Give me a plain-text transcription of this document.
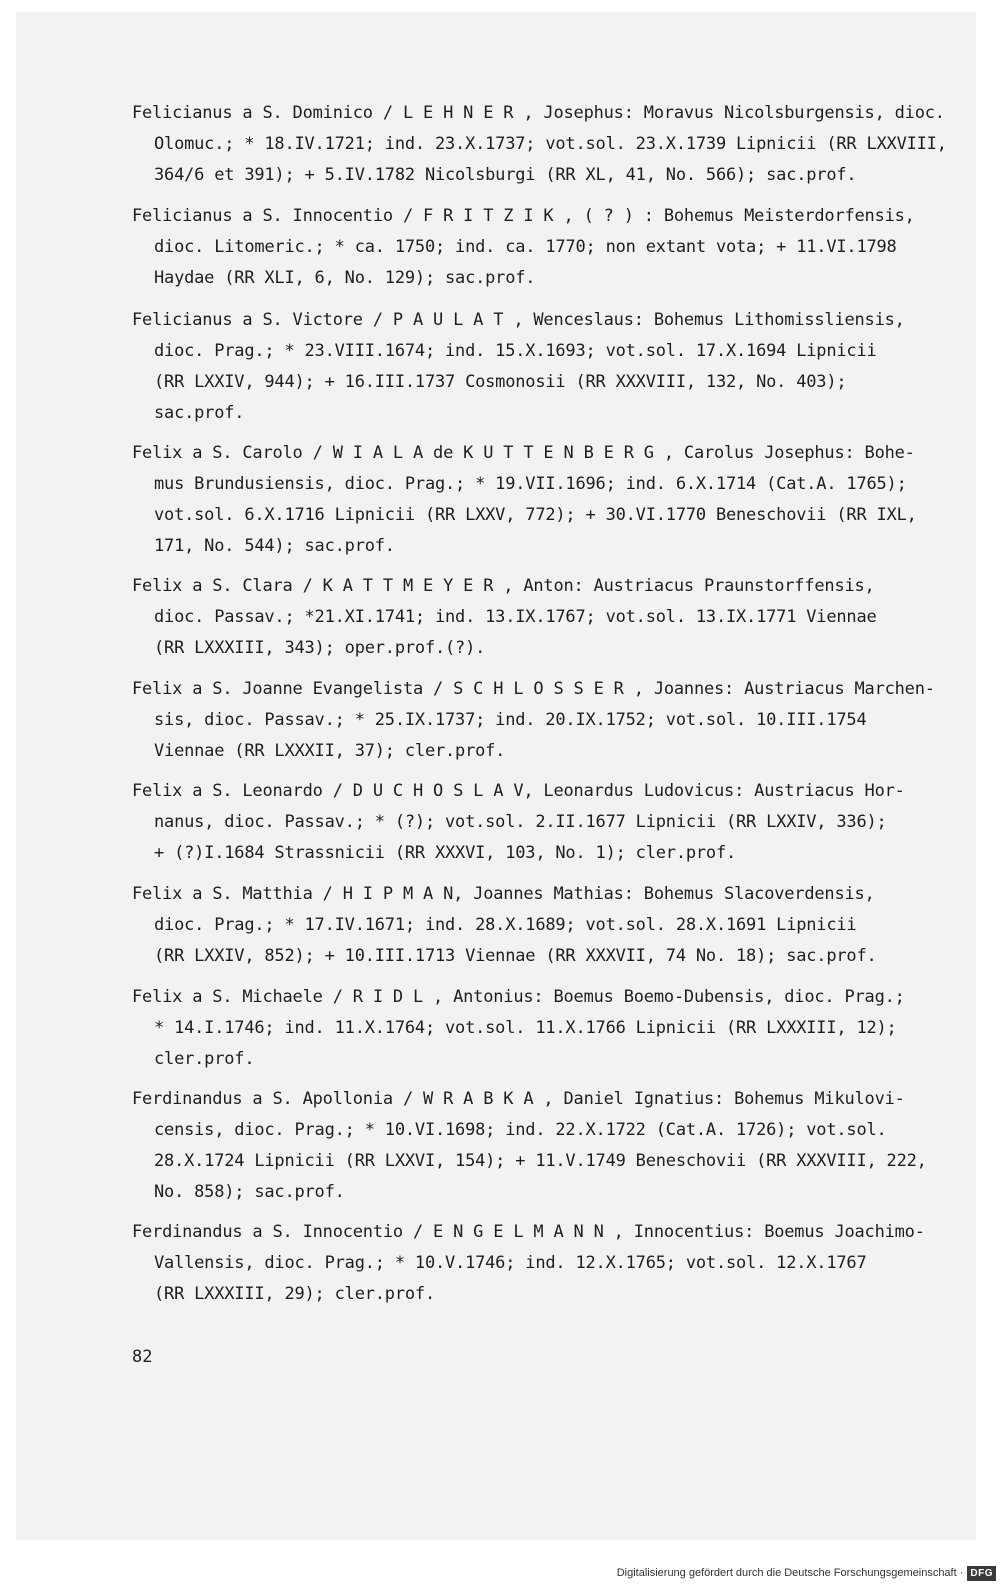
Felicianus a S. Dominico / L E H N E R , Josephus: Moravus Nicolsburgensis, dioc.
Olomuc.; * 18.IV.1721; ind. 23.X.1737; vot.sol. 23.X.1739 Lipnicii (RR LXXVIII,
364/6 et 391); + 5.IV.1782 Nicolsburgi (RR XL, 41, No. 566); sac.prof.
Felicianus a S. Innocentio / F R I T Z I K , ( ? ) : Bohemus Meisterdorfensis,
dioc. Litomeric.; * ca. 1750; ind. ca. 1770; non extant vota; + 11.VI.1798
Haydae (RR XLI, 6, No. 129); sac.prof.
Felicianus a S. Victore / P A U L A T , Wenceslaus: Bohemus Lithomissliensis,
dioc. Prag.; * 23.VIII.1674; ind. 15.X.1693; vot.sol. 17.X.1694 Lipnicii
(RR LXXIV, 944); + 16.III.1737 Cosmonosii (RR XXXVIII, 132, No. 403);
sac.prof.
Felix a S. Carolo / W I A L A de K U T T E N B E R G , Carolus Josephus: Bohe-
mus Brundusiensis, dioc. Prag.; * 19.VII.1696; ind. 6.X.1714 (Cat.A. 1765);
vot.sol. 6.X.1716 Lipnicii (RR LXXV, 772); + 30.VI.1770 Beneschovii (RR IXL,
171, No. 544); sac.prof.
Felix a S. Clara / K A T T M E Y E R , Anton: Austriacus Praunstorffensis,
dioc. Passav.; *21.XI.1741; ind. 13.IX.1767; vot.sol. 13.IX.1771 Viennae
(RR LXXXIII, 343); oper.prof.(?).
Felix a S. Joanne Evangelista / S C H L O S S E R , Joannes: Austriacus Marchen-
sis, dioc. Passav.; * 25.IX.1737; ind. 20.IX.1752; vot.sol. 10.III.1754
Viennae (RR LXXXII, 37); cler.prof.
Felix a S. Leonardo / D U C H O S L A V, Leonardus Ludovicus: Austriacus Hor-
nanus, dioc. Passav.; * (?); vot.sol. 2.II.1677 Lipnicii (RR LXXIV, 336);
+ (?)I.1684 Strassnicii (RR XXXVI, 103, No. 1); cler.prof.
Felix a S. Matthia / H I P M A N, Joannes Mathias: Bohemus Slacoverdensis,
dioc. Prag.; * 17.IV.1671; ind. 28.X.1689; vot.sol. 28.X.1691 Lipnicii
(RR LXXIV, 852); + 10.III.1713 Viennae (RR XXXVII, 74 No. 18); sac.prof.
Felix a S. Michaele / R I D L , Antonius: Boemus Boemo-Dubensis, dioc. Prag.;
* 14.I.1746; ind. 11.X.1764; vot.sol. 11.X.1766 Lipnicii (RR LXXXIII, 12);
cler.prof.
Ferdinandus a S. Apollonia / W R A B K A , Daniel Ignatius: Bohemus Mikulovi-
censis, dioc. Prag.; * 10.VI.1698; ind. 22.X.1722 (Cat.A. 1726); vot.sol.
28.X.1724 Lipnicii (RR LXXVI, 154); + 11.V.1749 Beneschovii (RR XXXVIII, 222,
No. 858); sac.prof.
Ferdinandus a S. Innocentio / E N G E L M A N N , Innocentius: Boemus Joachimo-
Vallensis, dioc. Prag.; * 10.V.1746; ind. 12.X.1765; vot.sol. 12.X.1767
(RR LXXXIII, 29); cler.prof.
82
Digitalisierung gefördert durch die Deutsche Forschungsgemeinschaft · DFG
